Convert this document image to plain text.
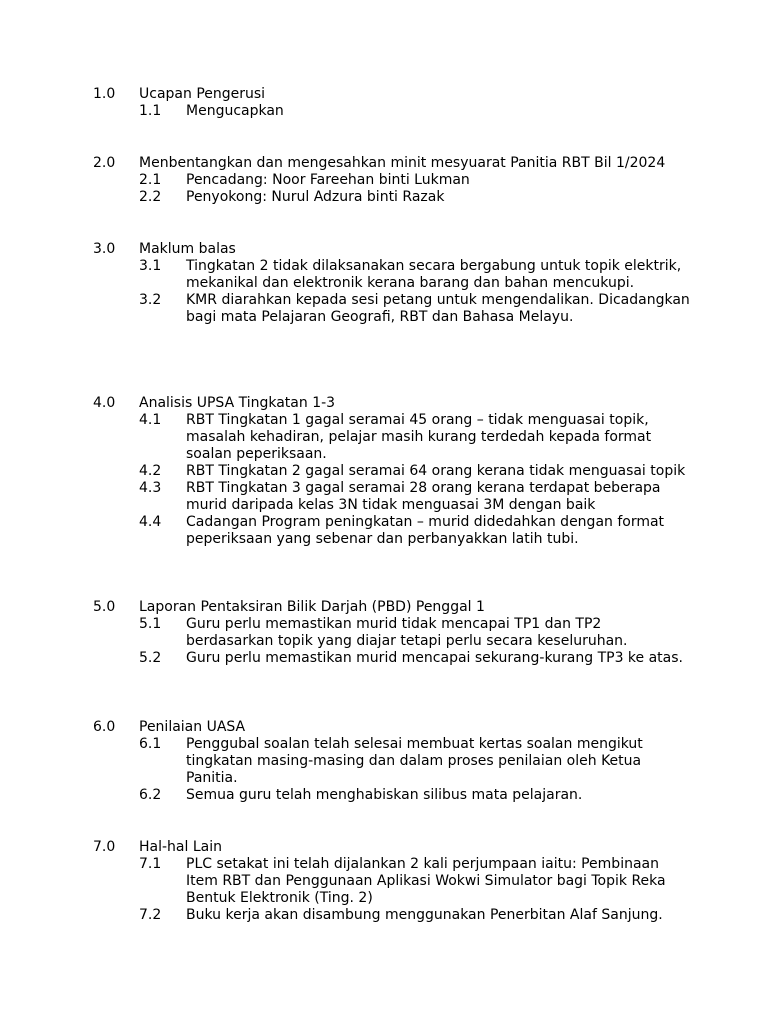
1.0	Ucapan Pengerusi
1.1	Mengucapkan
2.0	Menbentangkan dan mengesahkan minit mesyuarat Panitia RBT Bil 1/2024
2.1	Pencadang: Noor Fareehan binti Lukman
2.2	Penyokong: Nurul Adzura binti Razak
3.0	Maklum balas
3.1	Tingkatan 2 tidak dilaksanakan secara bergabung untuk topik elektrik, mekanikal dan elektronik kerana barang dan bahan mencukupi.
3.2	KMR diarahkan kepada sesi petang untuk mengendalikan. Dicadangkan bagi mata Pelajaran Geografi, RBT dan Bahasa Melayu.
4.0	Analisis UPSA Tingkatan 1-3
4.1	RBT Tingkatan 1 gagal seramai 45 orang – tidak menguasai topik, masalah kehadiran, pelajar masih kurang terdedah kepada format soalan peperiksaan.
4.2	RBT Tingkatan 2 gagal seramai 64 orang kerana tidak menguasai topik
4.3	RBT Tingkatan 3 gagal seramai 28 orang kerana terdapat beberapa murid daripada kelas 3N tidak menguasai 3M dengan baik
4.4	Cadangan Program peningkatan – murid didedahkan dengan format peperiksaan yang sebenar dan perbanyakkan latih tubi.
5.0	Laporan Pentaksiran Bilik Darjah (PBD) Penggal 1
5.1	Guru perlu memastikan murid tidak mencapai TP1 dan TP2 berdasarkan topik yang diajar tetapi perlu secara keseluruhan.
5.2	Guru perlu memastikan murid mencapai sekurang-kurang TP3 ke atas.
6.0	Penilaian UASA
6.1	Penggubal soalan telah selesai membuat kertas soalan mengikut tingkatan masing-masing dan dalam proses penilaian oleh Ketua Panitia.
6.2	Semua guru telah menghabiskan silibus mata pelajaran.
7.0	Hal-hal Lain
7.1	PLC setakat ini telah dijalankan 2 kali perjumpaan iaitu: Pembinaan Item RBT dan Penggunaan Aplikasi Wokwi Simulator bagi Topik Reka Bentuk Elektronik (Ting. 2)
7.2	Buku kerja akan disambung menggunakan Penerbitan Alaf Sanjung.
